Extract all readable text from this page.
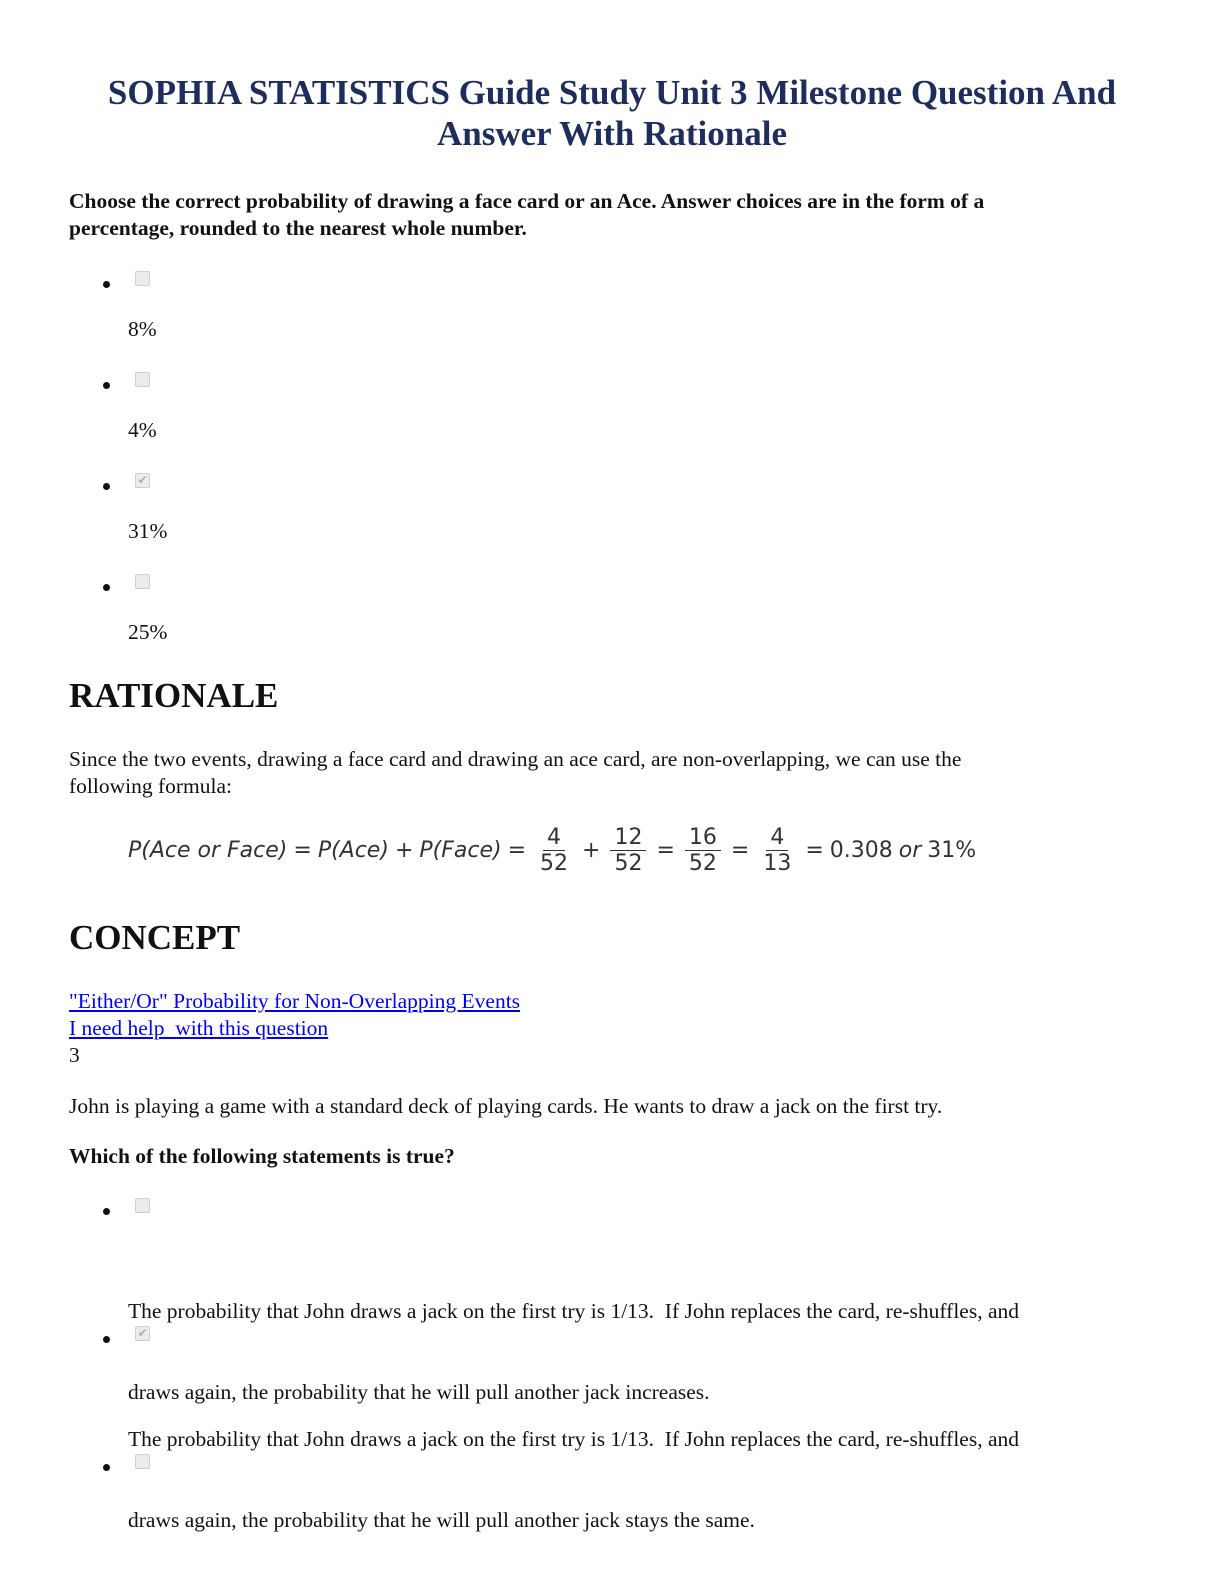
SOPHIA STATISTICS Guide Study Unit 3 Milestone Question And
Answer With Rationale
Choose the correct probability of drawing a face card or an Ace. Answer choices are in the form of a
percentage, rounded to the nearest whole number.
8%
4%
✔
31%
25%
RATIONALE
Since the two events, drawing a face card and drawing an ace card, are non-overlapping, we can use the
following formula:
P(Ace or Face) = P(Ace) + P(Face) = $\frac{4}{52} + \frac{12}{52} = \frac{16}{52} = \frac{4}{13} = 0.308$ or 31%
CONCEPT
"Either/Or" Probability for Non-Overlapping Events
I need help  with this question
3
John is playing a game with a standard deck of playing cards. He wants to draw a jack on the first try.
Which of the following statements is true?

The probability that John draws a jack on the first try is 1/13.  If John replaces the card, re-shuffles, and

draws again, the probability that he will pull another jack increases.

✔

The probability that John draws a jack on the first try is 1/13.  If John replaces the card, re-shuffles, and

draws again, the probability that he will pull another jack stays the same.
